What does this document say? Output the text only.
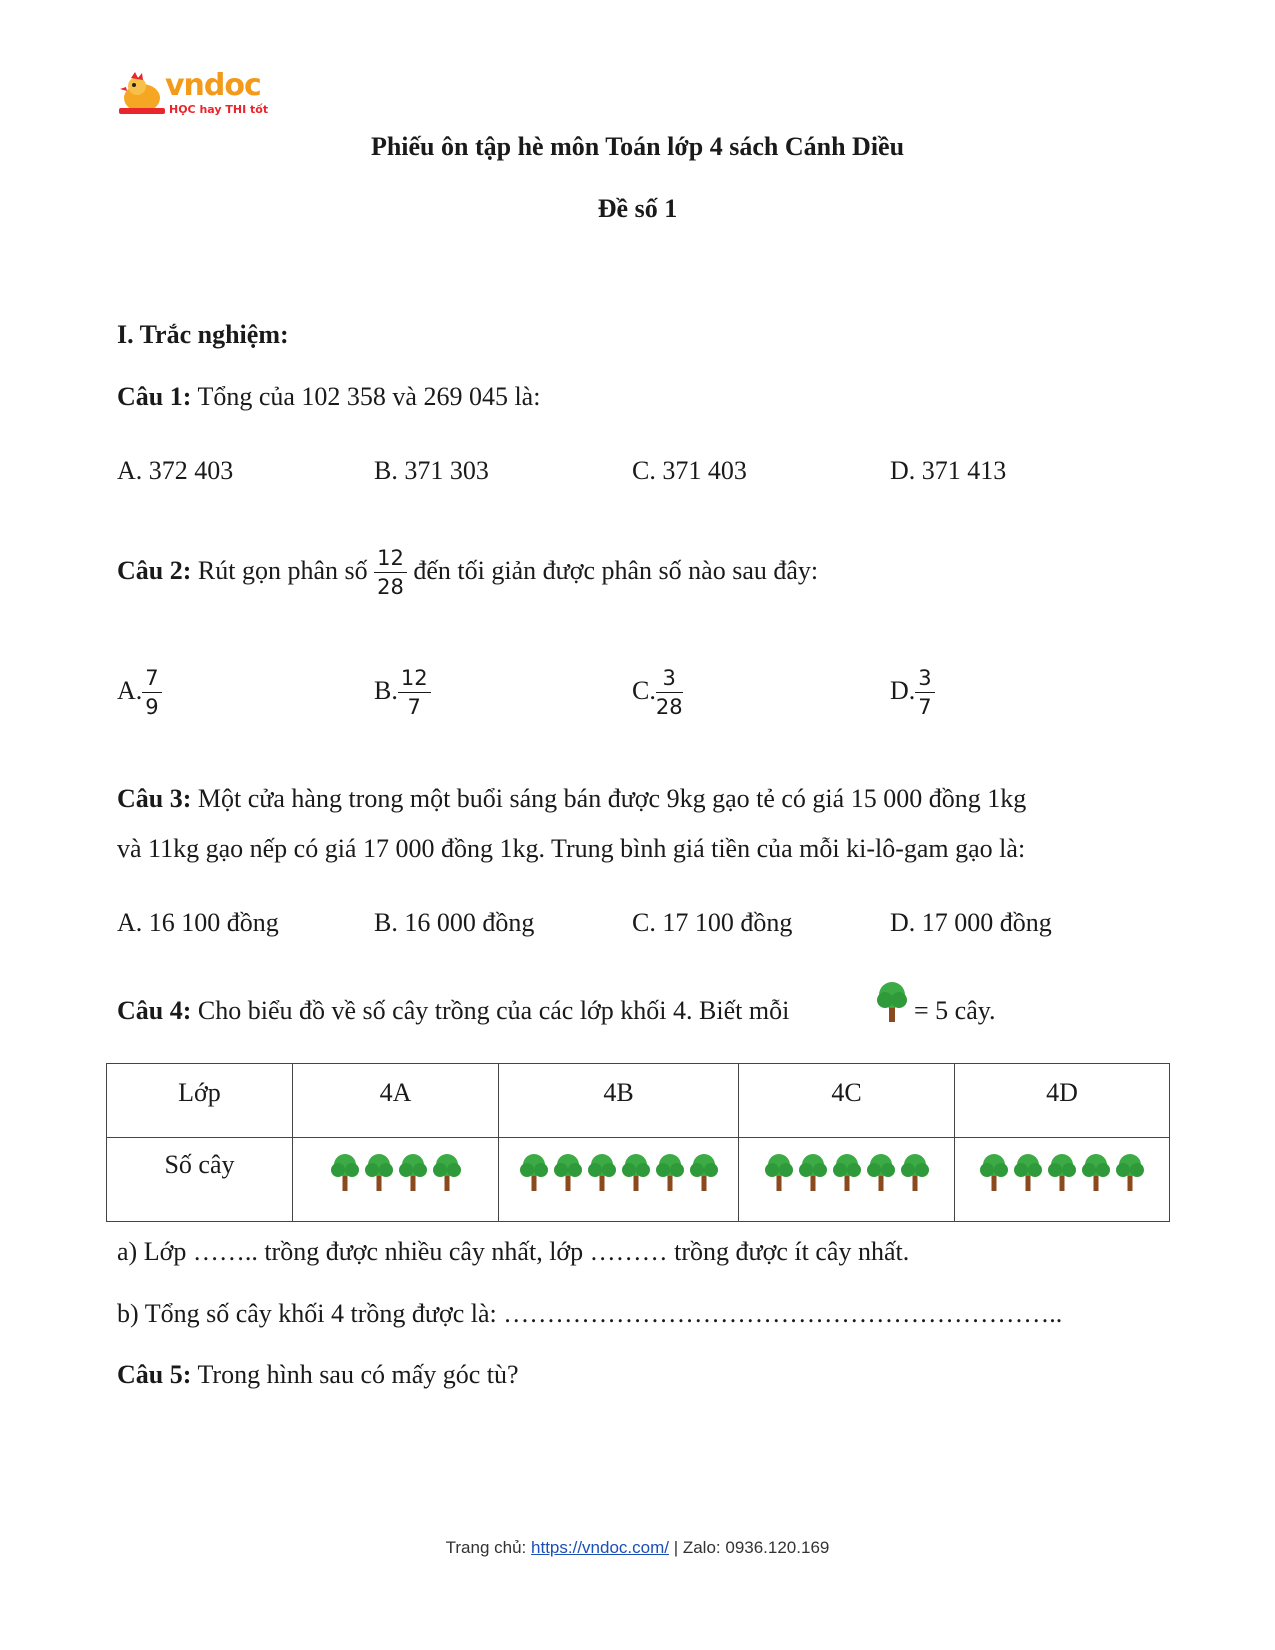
vndoc
HỌC hay THI tốt
Phiếu ôn tập hè môn Toán lớp 4 sách Cánh Diều
Đề số 1
I. Trắc nghiệm:
Câu 1: Tổng của 102 358 và 269 045 là:
A. 372 403	B. 371 303	C. 371 403	D. 371 413
Câu 2: Rút gọn phân số $\frac{12}{28}$ đến tối giản được phân số nào sau đây:
A. $\frac{7}{9}$	B. $\frac{12}{7}$	C. $\frac{3}{28}$	D. $\frac{3}{7}$
Câu 3: Một cửa hàng trong một buổi sáng bán được 9kg gạo tẻ có giá 15 000 đồng 1kg
và 11kg gạo nếp có giá 17 000 đồng 1kg. Trung bình giá tiền của mỗi ki-lô-gam gạo là:
A. 16 100 đồng	B. 16 000 đồng	C. 17 100 đồng	D. 17 000 đồng
Câu 4: Cho biểu đồ về số cây trồng của các lớp khối 4. Biết mỗi	= 5 cây.
Lớp	4A	4B	4C	4D
Số cây	

a) Lớp …….. trồng được nhiều cây nhất, lớp ……… trồng được ít cây nhất.
b) Tổng số cây khối 4 trồng được là: ………………………………………………………..
Câu 5: Trong hình sau có mấy góc tù?
Trang chủ: https://vndoc.com/ | Zalo: 0936.120.169
